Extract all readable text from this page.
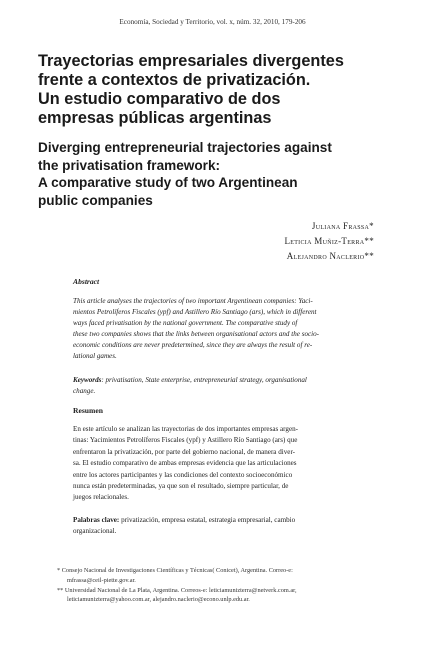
Economía, Sociedad y Territorio, vol. x, núm. 32, 2010, 179-206
Trayectorias empresariales divergentes
frente a contextos de privatización.
Un estudio comparativo de dos
empresas públicas argentinas
Diverging entrepreneurial trajectories against
the privatisation framework:
A comparative study of two Argentinean
public companies
Juliana Frassa*
Leticia Muñiz-Terra**
Alejandro Naclerio**
Abstract
This article analyses the trajectories of two important Argentinean companies: Yaci-
mientos Petrolíferos Fiscales (ypf) and Astillero Río Santiago (ars), which in different
ways faced privatisation by the national government. The comparative study of
these two companies shows that the links between organisational actors and the socio-
economic conditions are never predetermined, since they are always the result of re-
lational games.
Keywords: privatisation, State enterprise, entrepreneurial strategy, organisational
change.
Resumen
En este artículo se analizan las trayectorias de dos importantes empresas argen-
tinas: Yacimientos Petrolíferos Fiscales (ypf) y Astillero Río Santiago (ars) que
enfrentaron la privatización, por parte del gobierno nacional, de manera diver-
sa. El estudio comparativo de ambas empresas evidencia que las articulaciones
entre los actores participantes y las condiciones del contexto socioeconómico
nunca están predeterminadas, ya que son el resultado, siempre particular, de
juegos relacionales.
Palabras clave: privatización, empresa estatal, estrategia empresarial, cambio
organizacional.
* Consejo Nacional de Investigaciones Científicas y Técnicas( Conicet), Argentina. Correo-e:
mfrassa@ceil-piette.gov.ar.
** Universidad Nacional de La Plata, Argentina. Correos-e: leticiamunizterra@netverk.com.ar,
leticiamunizterra@yahoo.com.ar, alejandro.naclerio@econo.unlp.edu.ar.
